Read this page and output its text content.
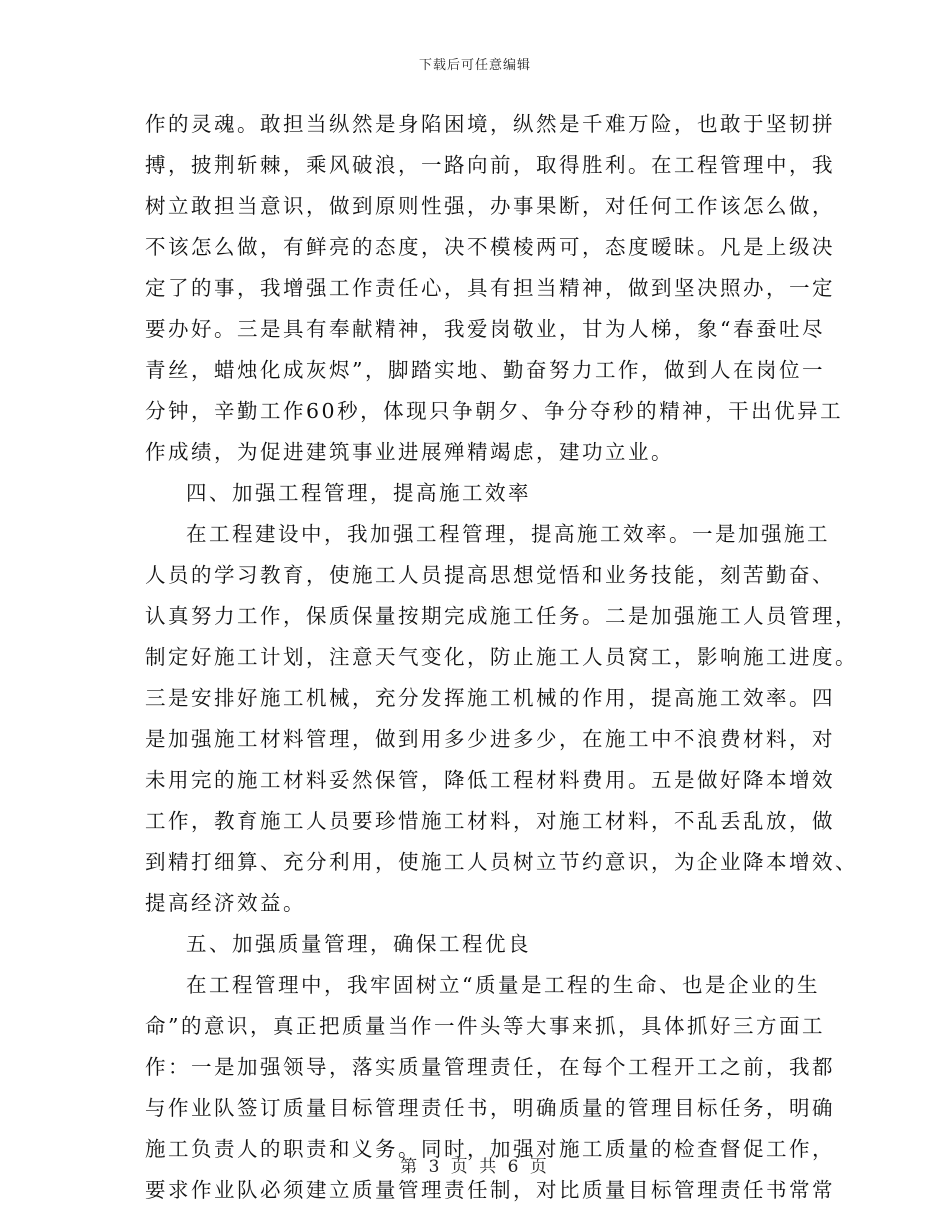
下载后可任意编辑
作的灵魂。敢担当纵然是身陷困境，纵然是千难万险，也敢于坚韧拼
搏，披荆斩棘，乘风破浪，一路向前，取得胜利。在工程管理中，我
树立敢担当意识，做到原则性强，办事果断，对任何工作该怎么做，
不该怎么做，有鲜亮的态度，决不模棱两可，态度暧昧。凡是上级决
定了的事，我增强工作责任心，具有担当精神，做到坚决照办，一定
要办好。三是具有奉献精神，我爱岗敬业，甘为人梯，象“春蚕吐尽
青丝，蜡烛化成灰烬”，脚踏实地、勤奋努力工作，做到人在岗位一
分钟，辛勤工作60秒，体现只争朝夕、争分夺秒的精神，干出优异工
作成绩，为促进建筑事业进展殚精竭虑，建功立业。
四、加强工程管理，提高施工效率
在工程建设中，我加强工程管理，提高施工效率。一是加强施工
人员的学习教育，使施工人员提高思想觉悟和业务技能，刻苦勤奋、
认真努力工作，保质保量按期完成施工任务。二是加强施工人员管理，
制定好施工计划，注意天气变化，防止施工人员窝工，影响施工进度。
三是安排好施工机械，充分发挥施工机械的作用，提高施工效率。四
是加强施工材料管理，做到用多少进多少，在施工中不浪费材料，对
未用完的施工材料妥然保管，降低工程材料费用。五是做好降本增效
工作，教育施工人员要珍惜施工材料，对施工材料，不乱丢乱放，做
到精打细算、充分利用，使施工人员树立节约意识，为企业降本增效、
提高经济效益。
五、加强质量管理，确保工程优良
在工程管理中，我牢固树立“质量是工程的生命、也是企业的生
命”的意识，真正把质量当作一件头等大事来抓，具体抓好三方面工
作：一是加强领导，落实质量管理责任，在每个工程开工之前，我都
与作业队签订质量目标管理责任书，明确质量的管理目标任务，明确
施工负责人的职责和义务。同时，加强对施工质量的检查督促工作，
要求作业队必须建立质量管理责任制，对比质量目标管理责任书常常
第 3 页 共 6 页
